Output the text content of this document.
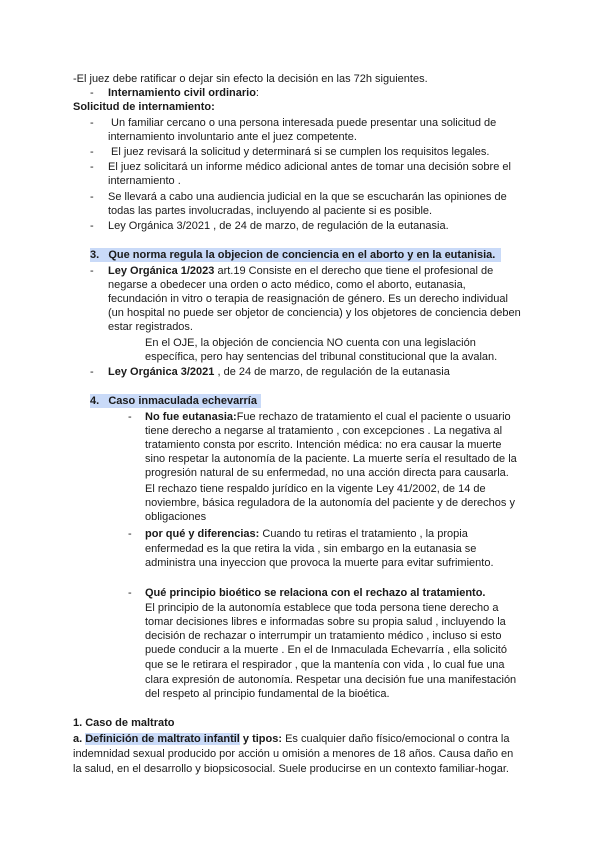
-El juez debe ratificar o dejar sin efecto la decisión en las 72h siguientes.
- Internamiento civil ordinario:
Solicitud de internamiento:
- Un familiar cercano o una persona interesada puede presentar una solicitud de
internamiento involuntario ante el juez competente.
- El juez revisará la solicitud y determinará si se cumplen los requisitos legales.
- El juez solicitará un informe médico adicional antes de tomar una decisión sobre el
internamiento .
- Se llevará a cabo una audiencia judicial en la que se escucharán las opiniones de
todas las partes involucradas, incluyendo al paciente si es posible.
- Ley Orgánica 3/2021 , de 24 de marzo, de regulación de la eutanasia.
3. Que norma regula la objecion de conciencia en el aborto y en la eutanisia.
- Ley Orgánica 1/2023 art.19 Consiste en el derecho que tiene el profesional de
negarse a obedecer una orden o acto médico, como el aborto, eutanasia,
fecundación in vitro o terapia de reasignación de género. Es un derecho individual
(un hospital no puede ser objetor de conciencia) y los objetores de conciencia deben
estar registrados.
En el OJE, la objeción de conciencia NO cuenta con una legislación
específica, pero hay sentencias del tribunal constitucional que la avalan.
- Ley Orgánica 3/2021 , de 24 de marzo, de regulación de la eutanasia
4. Caso inmaculada echevarría
- No fue eutanasia:Fue rechazo de tratamiento el cual el paciente o usuario
tiene derecho a negarse al tratamiento , con excepciones . La negativa al
tratamiento consta por escrito. Intención médica: no era causar la muerte
sino respetar la autonomía de la paciente. La muerte sería el resultado de la
progresión natural de su enfermedad, no una acción directa para causarla.
El rechazo tiene respaldo jurídico en la vigente Ley 41/2002, de 14 de
noviembre, básica reguladora de la autonomía del paciente y de derechos y
obligaciones
- por qué y diferencias: Cuando tu retiras el tratamiento , la propia
enfermedad es la que retira la vida , sin embargo en la eutanasia se
administra una inyeccion que provoca la muerte para evitar sufrimiento.
- Qué principio bioético se relaciona con el rechazo al tratamiento.
El principio de la autonomía establece que toda persona tiene derecho a
tomar decisiones libres e informadas sobre su propia salud , incluyendo la
decisión de rechazar o interrumpir un tratamiento médico , incluso si esto
puede conducir a la muerte . En el de Inmaculada Echevarría , ella solicitó
que se le retirara el respirador , que la mantenía con vida , lo cual fue una
clara expresión de autonomía. Respetar una decisión fue una manifestación
del respeto al principio fundamental de la bioética.
1. Caso de maltrato
a. Definición de maltrato infantil y tipos: Es cualquier daño físico/emocional o contra la
indemnidad sexual producido por acción u omisión a menores de 18 años. Causa daño en
la salud, en el desarrollo y biopsicosocial. Suele producirse en un contexto familiar-hogar.
